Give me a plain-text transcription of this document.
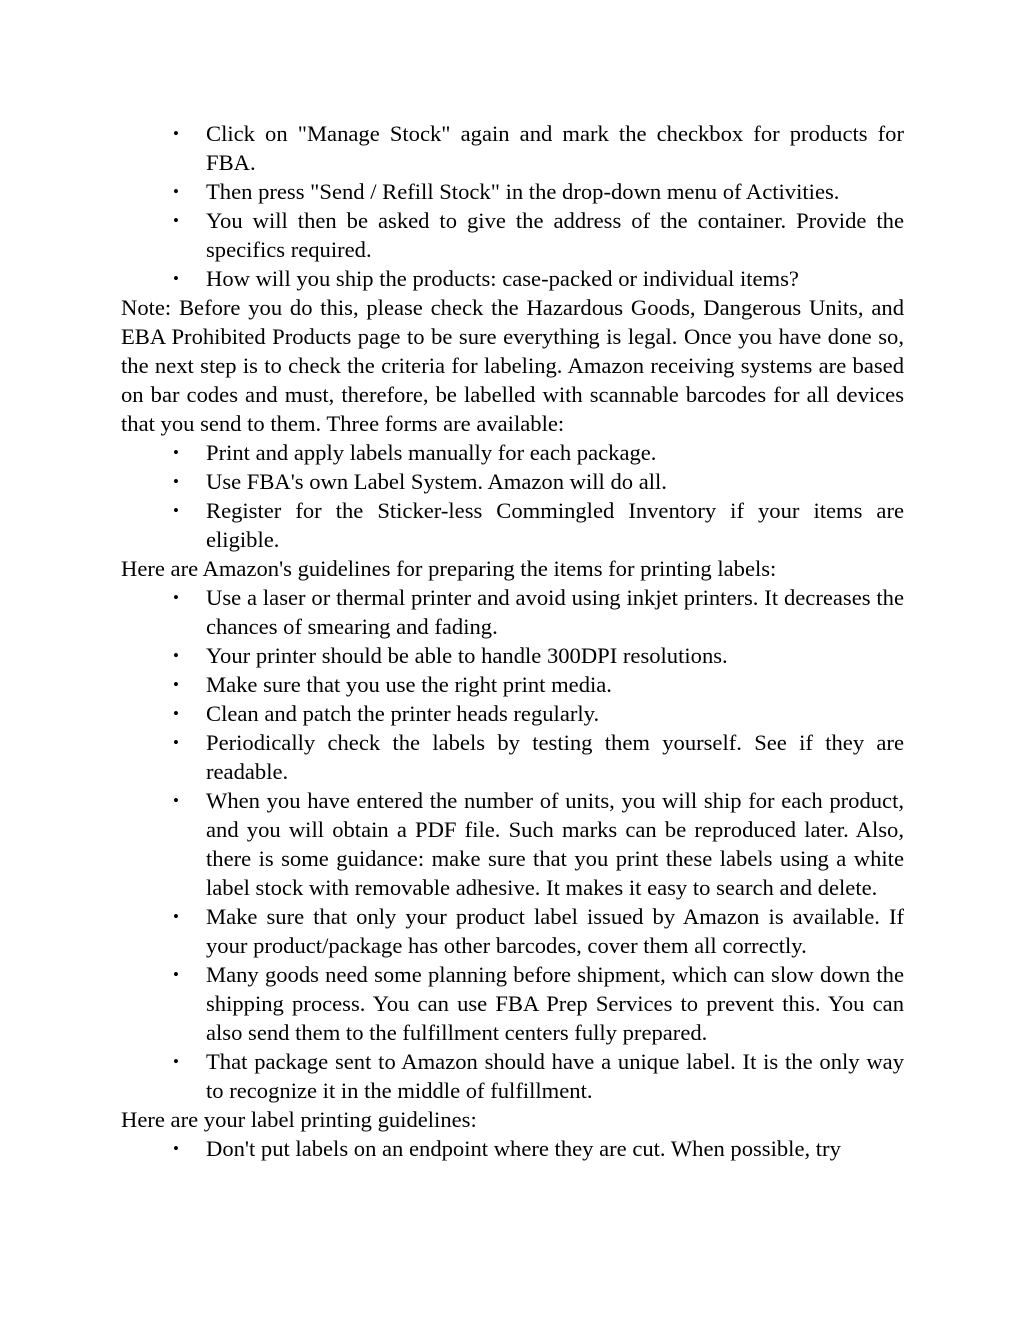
• Click on "Manage Stock" again and mark the checkbox for products for FBA.
• Then press "Send / Refill Stock" in the drop-down menu of Activities.
• You will then be asked to give the address of the container. Provide the specifics required.
• How will you ship the products: case-packed or individual items?

Note: Before you do this, please check the Hazardous Goods, Dangerous Units, and EBA Prohibited Products page to be sure everything is legal. Once you have done so, the next step is to check the criteria for labeling. Amazon receiving systems are based on bar codes and must, therefore, be labelled with scannable barcodes for all devices that you send to them. Three forms are available:

• Print and apply labels manually for each package.
• Use FBA's own Label System. Amazon will do all.
• Register for the Sticker-less Commingled Inventory if your items are eligible.

Here are Amazon's guidelines for preparing the items for printing labels:

• Use a laser or thermal printer and avoid using inkjet printers. It decreases the chances of smearing and fading.
• Your printer should be able to handle 300DPI resolutions.
• Make sure that you use the right print media.
• Clean and patch the printer heads regularly.
• Periodically check the labels by testing them yourself. See if they are readable.
• When you have entered the number of units, you will ship for each product, and you will obtain a PDF file. Such marks can be reproduced later. Also, there is some guidance: make sure that you print these labels using a white label stock with removable adhesive. It makes it easy to search and delete.
• Make sure that only your product label issued by Amazon is available. If your product/package has other barcodes, cover them all correctly.
• Many goods need some planning before shipment, which can slow down the shipping process. You can use FBA Prep Services to prevent this. You can also send them to the fulfillment centers fully prepared.
• That package sent to Amazon should have a unique label. It is the only way to recognize it in the middle of fulfillment.

Here are your label printing guidelines:

• Don't put labels on an endpoint where they are cut. When possible, try
